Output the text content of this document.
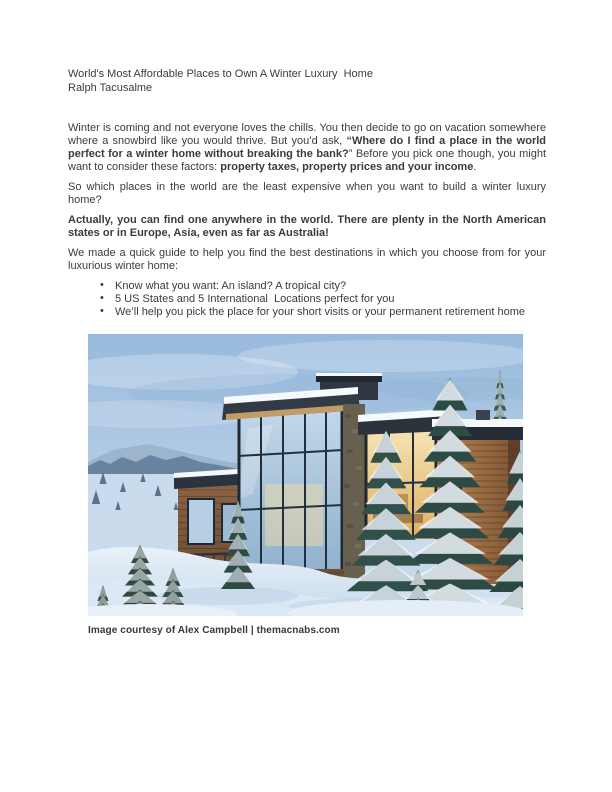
World's Most Affordable Places to Own A Winter Luxury  Home
Ralph Tacusalme

Winter is coming and not everyone loves the chills. You then decide to go on vacation somewhere where a snowbird like you would thrive. But you’d ask, “Where do I find a place in the world perfect for a winter home without breaking the bank?” Before you pick one though, you might want to consider these factors: property taxes, property prices and your income.

So which places in the world are the least expensive when you want to build a winter luxury  home?

Actually, you can find one anywhere in the world. There are plenty in the North American states or in Europe, Asia, even as far as Australia!

We made a quick guide to help you find the best destinations in which you choose from for your luxurious winter home:

• Know what you want: An island? A tropical city?
• 5 US States and 5 International  Locations perfect for you
• We’ll help you pick the place for your short visits or your permanent retirement home
Image courtesy of Alex Campbell | themacnabs.com
